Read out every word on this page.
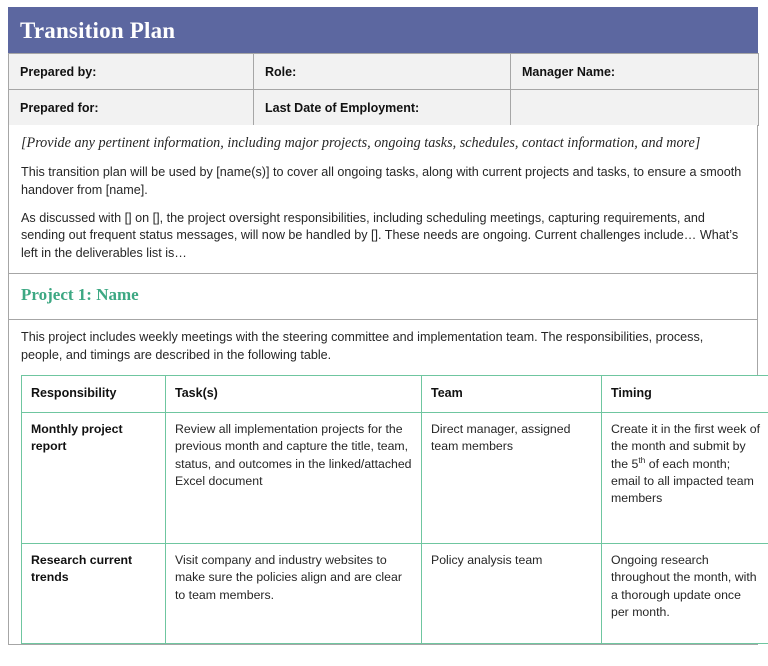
Transition Plan
Prepared by:	Role:	Manager Name:
Prepared for:	Last Date of Employment:	

[Provide any pertinent information, including major projects, ongoing tasks, schedules, contact information, and more]

This transition plan will be used by [name(s)] to cover all ongoing tasks, along with current projects and tasks, to ensure a smooth handover from [name].

As discussed with [] on [], the project oversight responsibilities, including scheduling meetings, capturing requirements, and sending out frequent status messages, will now be handled by []. These needs are ongoing. Current challenges include… What’s left in the deliverables list is…

Project 1: Name

This project includes weekly meetings with the steering committee and implementation team. The responsibilities, process, people, and timings are described in the following table.

Responsibility	Task(s)	Team	Timing
Monthly project report	Review all implementation projects for the previous month and capture the title, team, status, and outcomes in the linked/attached Excel document	Direct manager, assigned team members	Create it in the first week of the month and submit by the 5th of each month; email to all impacted team members
Research current trends	Visit company and industry websites to make sure the policies align and are clear to team members.	Policy analysis team	Ongoing research throughout the month, with a thorough update once per month.
